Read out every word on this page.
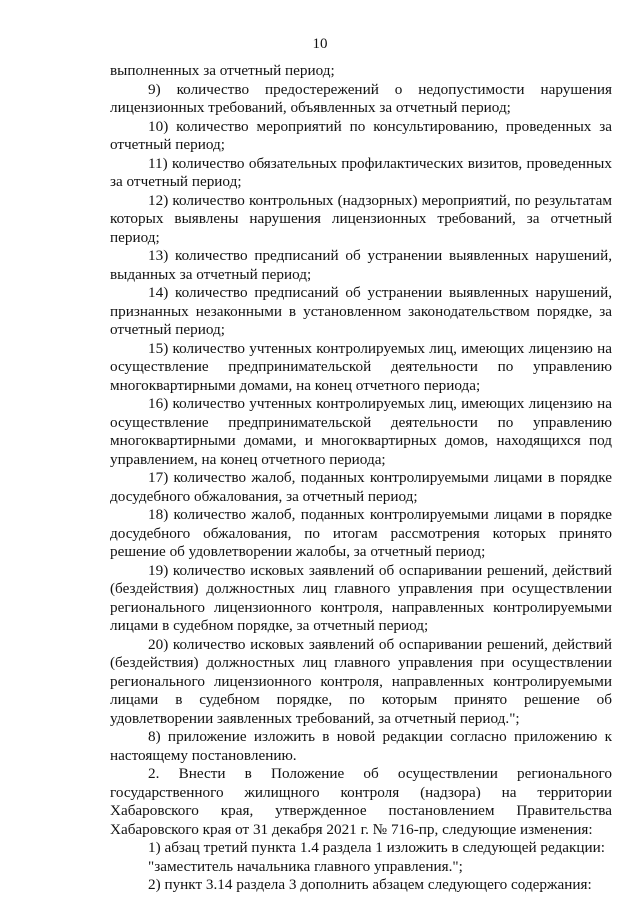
10

выполненных за отчетный период;

9) количество предостережений о недопустимости нарушения лицензионных требований, объявленных за отчетный период;

10) количество мероприятий по консультированию, проведенных за отчетный период;

11) количество обязательных профилактических визитов, проведенных за отчетный период;

12) количество контрольных (надзорных) мероприятий, по результатам которых выявлены нарушения лицензионных требований, за отчетный период;

13) количество предписаний об устранении выявленных нарушений, выданных за отчетный период;

14) количество предписаний об устранении выявленных нарушений, признанных незаконными в установленном законодательством порядке, за отчетный период;

15) количество учтенных контролируемых лиц, имеющих лицензию на осуществление предпринимательской деятельности по управлению многоквартирными домами, на конец отчетного периода;

16) количество учтенных контролируемых лиц, имеющих лицензию на осуществление предпринимательской деятельности по управлению многоквартирными домами, и многоквартирных домов, находящихся под управлением, на конец отчетного периода;

17) количество жалоб, поданных контролируемыми лицами в порядке досудебного обжалования, за отчетный период;

18) количество жалоб, поданных контролируемыми лицами в порядке досудебного обжалования, по итогам рассмотрения которых принято решение об удовлетворении жалобы, за отчетный период;

19) количество исковых заявлений об оспаривании решений, действий (бездействия) должностных лиц главного управления при осуществлении регионального лицензионного контроля, направленных контролируемыми лицами в судебном порядке, за отчетный период;

20) количество исковых заявлений об оспаривании решений, действий (бездействия) должностных лиц главного управления при осуществлении регионального лицензионного контроля, направленных контролируемыми лицами в судебном порядке, по которым принято решение об удовлетворении заявленных требований, за отчетный период.";

8) приложение изложить в новой редакции согласно приложению к настоящему постановлению.

2. Внести в Положение об осуществлении регионального государственного жилищного контроля (надзора) на территории Хабаровского края, утвержденное постановлением Правительства Хабаровского края от 31 декабря 2021 г. № 716-пр, следующие изменения:

1) абзац третий пункта 1.4 раздела 1 изложить в следующей редакции:

"заместитель начальника главного управления.";

2) пункт 3.14 раздела 3 дополнить абзацем следующего содержания:
